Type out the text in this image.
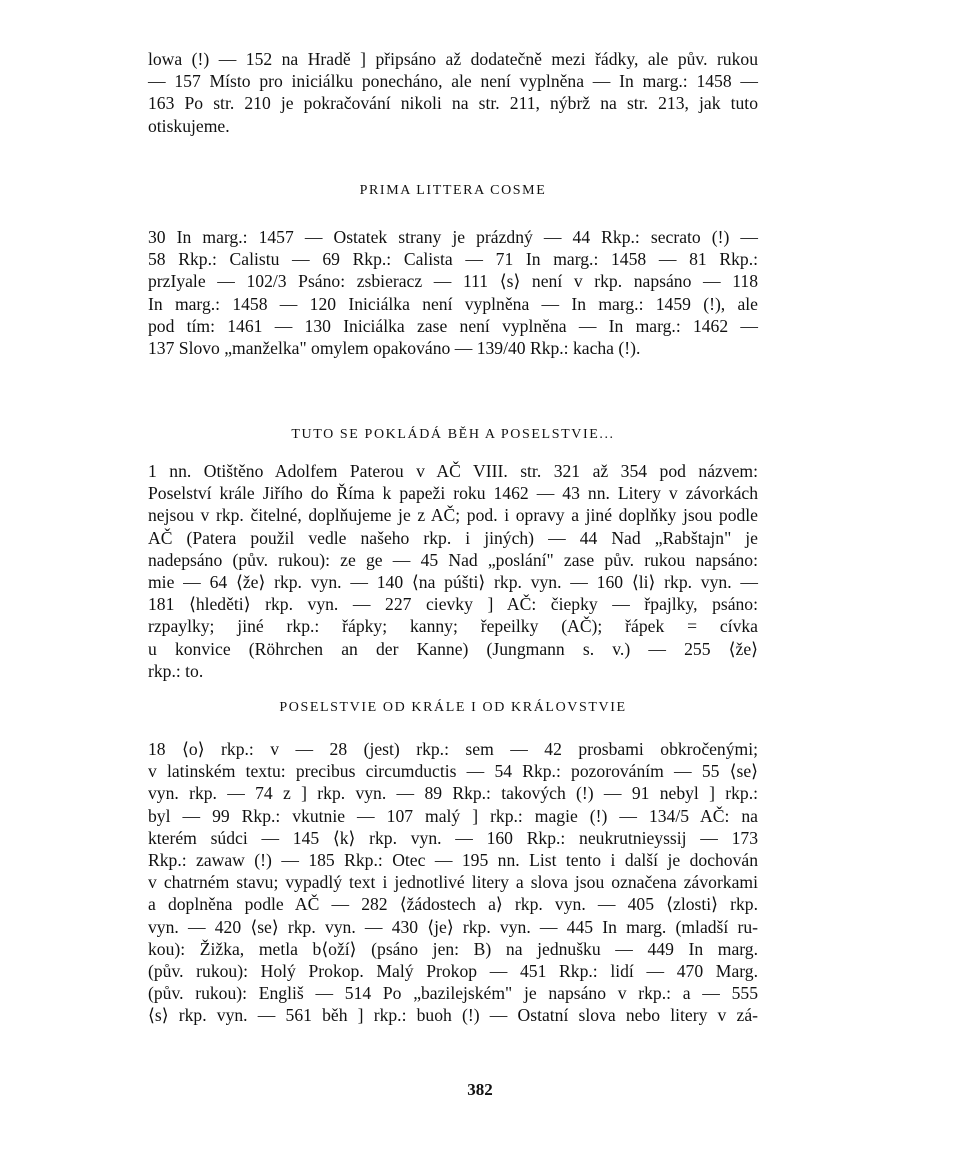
lowa (!) — 152 na Hradě ] připsáno až dodatečně mezi řádky, ale pův. rukou
— 157 Místo pro iniciálku ponecháno, ale není vyplněna — In marg.: 1458 —
163 Po str. 210 je pokračování nikoli na str. 211, nýbrž na str. 213, jak tuto
otiskujeme.

PRIMA LITTERA COSME

30 In marg.: 1457 — Ostatek strany je prázdný — 44 Rkp.: secrato (!) —
58 Rkp.: Calistu — 69 Rkp.: Calista — 71 In marg.: 1458 — 81 Rkp.:
przIyale — 102/3 Psáno: zsbieracz — 111 ⟨s⟩ není v rkp. napsáno — 118
In marg.: 1458 — 120 Iniciálka není vyplněna — In marg.: 1459 (!), ale
pod tím: 1461 — 130 Iniciálka zase není vyplněna — In marg.: 1462 —
137 Slovo „manželka" omylem opakováno — 139/40 Rkp.: kacha (!).

TUTO SE POKLÁDÁ BĚH A POSELSTVIE...

1 nn. Otištěno Adolfem Paterou v AČ VIII. str. 321 až 354 pod názvem:
Poselství krále Jiřího do Říma k papeži roku 1462 — 43 nn. Litery v závorkách
nejsou v rkp. čitelné, doplňujeme je z AČ; pod. i opravy a jiné doplňky jsou podle
AČ (Patera použil vedle našeho rkp. i jiných) — 44 Nad „Rabštajn" je
nadepsáno (pův. rukou): ze ge — 45 Nad „poslání" zase pův. rukou napsáno:
mie — 64 ⟨že⟩ rkp. vyn. — 140 ⟨na púšti⟩ rkp. vyn. — 160 ⟨li⟩ rkp. vyn. —
181 ⟨hleděti⟩ rkp. vyn. — 227 cievky ] AČ: čiepky — řpajlky, psáno:
rzpaylky; jiné rkp.: řápky; kanny; řepeilky (AČ); řápek = cívka
u konvice (Röhrchen an der Kanne) (Jungmann s. v.) — 255 ⟨že⟩
rkp.: to.

POSELSTVIE OD KRÁLE I OD KRÁLOVSTVIE

18 ⟨o⟩ rkp.: v — 28 (jest) rkp.: sem — 42 prosbami obkročenými;
v latinském textu: precibus circumductis — 54 Rkp.: pozorováním — 55 ⟨se⟩
vyn. rkp. — 74 z ] rkp. vyn. — 89 Rkp.: takových (!) — 91 nebyl ] rkp.:
byl — 99 Rkp.: vkutnie — 107 malý ] rkp.: magie (!) — 134/5 AČ: na
kterém súdci — 145 ⟨k⟩ rkp. vyn. — 160 Rkp.: neukrutnieyssij — 173
Rkp.: zawaw (!) — 185 Rkp.: Otec — 195 nn. List tento i další je dochován
v chatrném stavu; vypadlý text i jednotlivé litery a slova jsou označena závorkami
a doplněna podle AČ — 282 ⟨žádostech a⟩ rkp. vyn. — 405 ⟨zlosti⟩ rkp.
vyn. — 420 ⟨se⟩ rkp. vyn. — 430 ⟨je⟩ rkp. vyn. — 445 In marg. (mladší ru-
kou): Žižka, metla b⟨oží⟩ (psáno jen: B) na jednušku — 449 In marg.
(pův. rukou): Holý Prokop. Malý Prokop — 451 Rkp.: lidí — 470 Marg.
(pův. rukou): Engliš — 514 Po „bazilejském" je napsáno v rkp.: a — 555
⟨s⟩ rkp. vyn. — 561 běh ] rkp.: buoh (!) — Ostatní slova nebo litery v zá-

382
